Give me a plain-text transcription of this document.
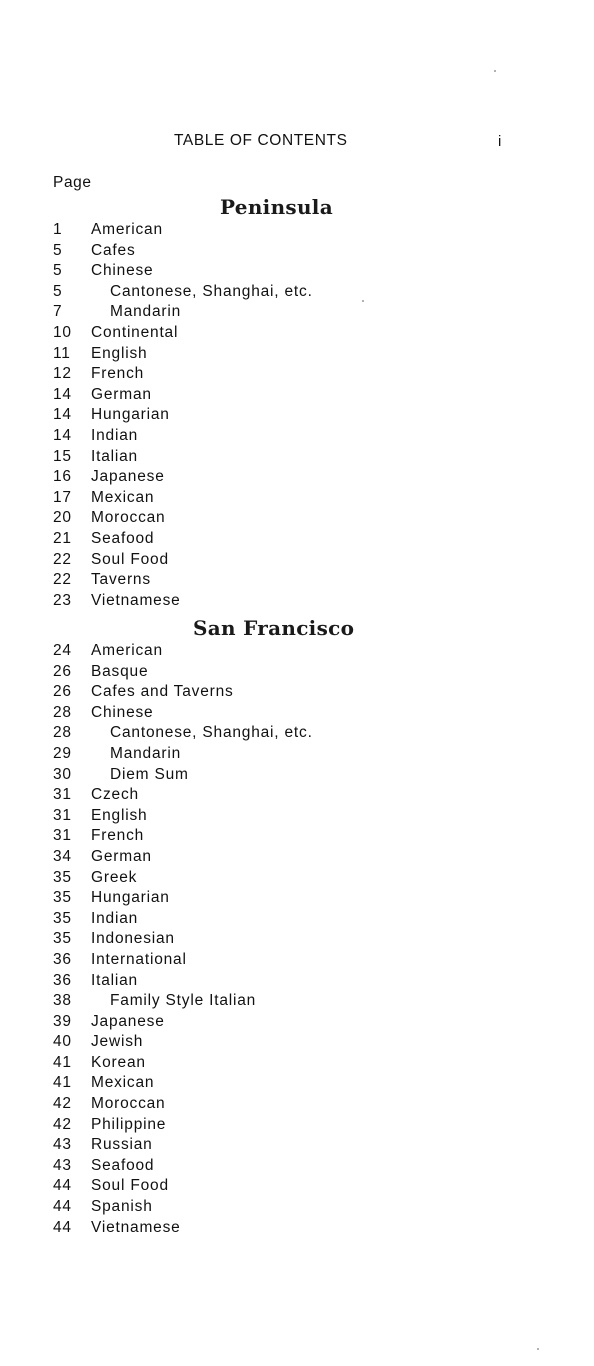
TABLE OF CONTENTS	i
Page
Peninsula
1	American
5	Cafes
5	Chinese
5	Cantonese, Shanghai, etc.
7	Mandarin
10	Continental
11	English
12	French
14	German
14	Hungarian
14	Indian
15	Italian
16	Japanese
17	Mexican
20	Moroccan
21	Seafood
22	Soul Food
22	Taverns
23	Vietnamese
San Francisco
24	American
26	Basque
26	Cafes and Taverns
28	Chinese
28	Cantonese, Shanghai, etc.
29	Mandarin
30	Diem Sum
31	Czech
31	English
31	French
34	German
35	Greek
35	Hungarian
35	Indian
35	Indonesian
36	International
36	Italian
38	Family Style Italian
39	Japanese
40	Jewish
41	Korean
41	Mexican
42	Moroccan
42	Philippine
43	Russian
43	Seafood
44	Soul Food
44	Spanish
44	Vietnamese
